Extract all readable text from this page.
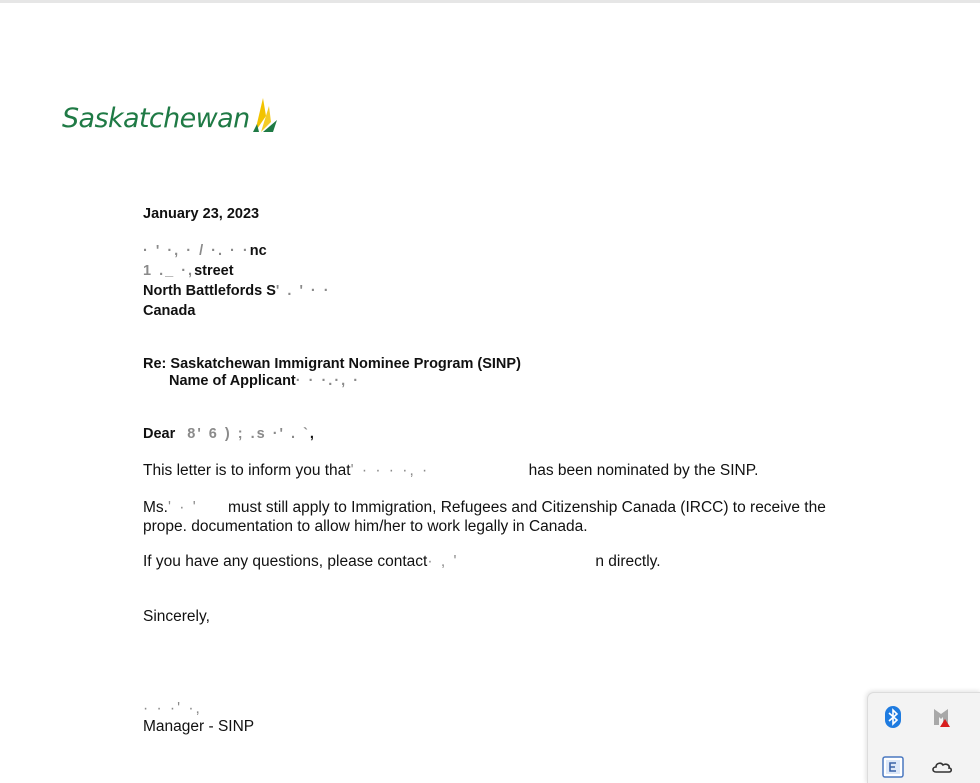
Saskatchewan
January 23, 2023
· ' ·, · / ·. · ·nc
1 ._ ·,street
North Battlefords S' . ' · ·
Canada
Re: Saskatchewan Immigrant Nominee Program (SINP)
Name of Applicant· · ·.·, ·
Dear 8' 6 ) ; .s ·' . `,
This letter is to inform you that' · · · ·, ·	has been nominated by the SINP.
Ms.' · ' must still apply to Immigration, Refugees and Citizenship Canada (IRCC) to receive the
prope. documentation to allow him/her to work legally in Canada.
If you have any questions, please contact· , '	n directly.
Sincerely,
· · ·' ·,
Manager - SINP
